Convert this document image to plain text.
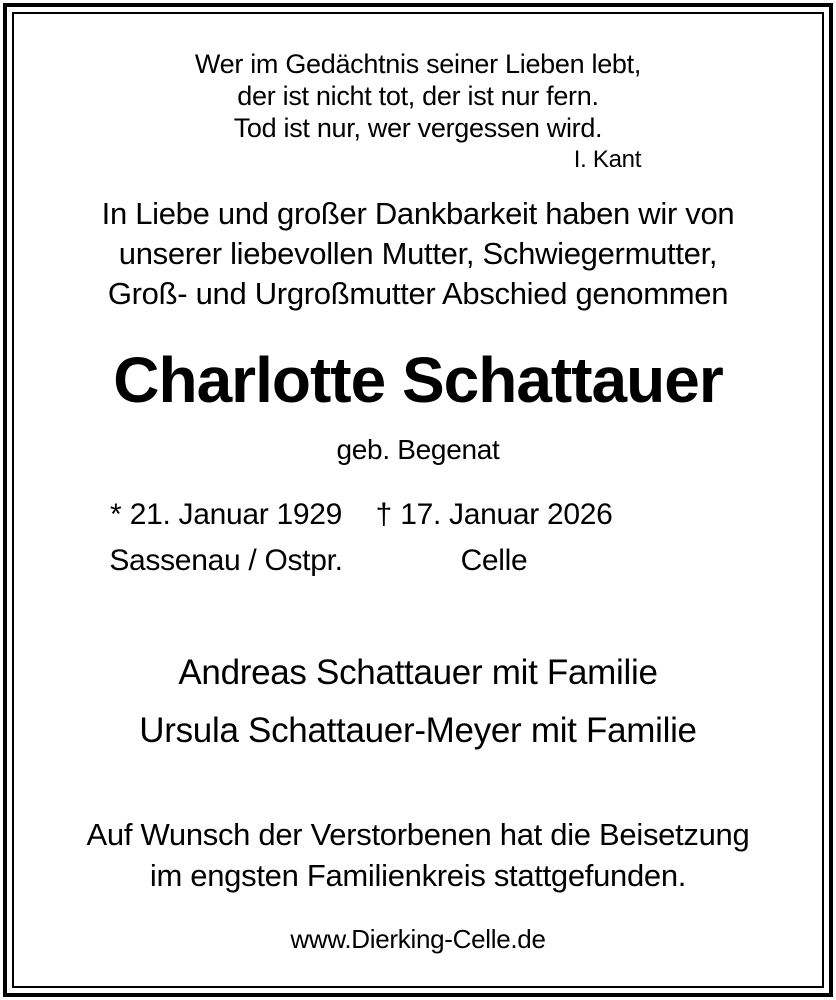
Wer im Gedächtnis seiner Lieben lebt,
der ist nicht tot, der ist nur fern.
Tod ist nur, wer vergessen wird.
I. Kant
In Liebe und großer Dankbarkeit haben wir von
unserer liebevollen Mutter, Schwiegermutter,
Groß- und Urgroßmutter Abschied genommen
Charlotte Schattauer
geb. Begenat
* 21. Januar 1929
Sassenau / Ostpr.
† 17. Januar 2026
Celle
Andreas Schattauer mit Familie
Ursula Schattauer-Meyer mit Familie
Auf Wunsch der Verstorbenen hat die Beisetzung
im engsten Familienkreis stattgefunden.
www.Dierking-Celle.de
